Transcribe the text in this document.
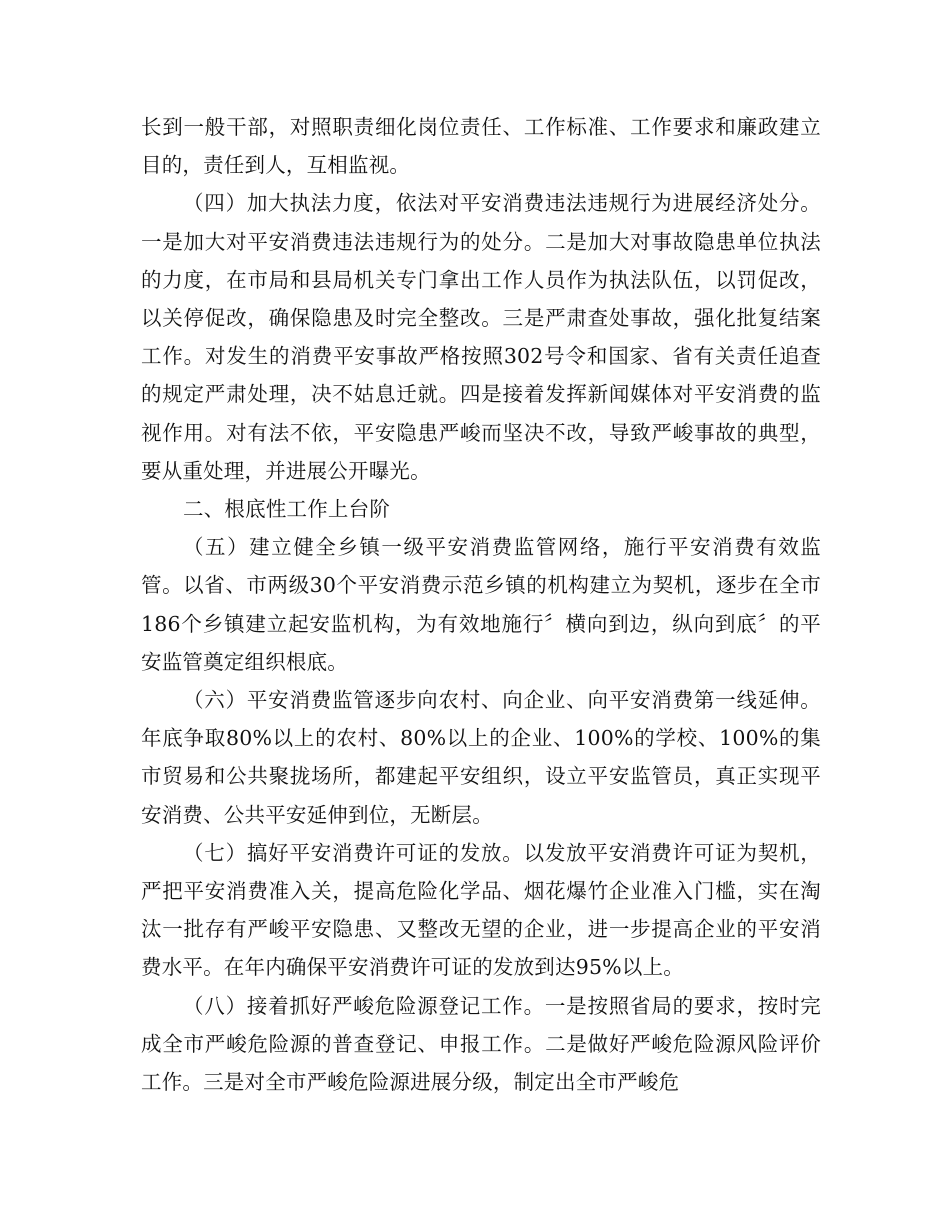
长到一般干部，对照职责细化岗位责任、工作标准、工作要求和廉政建立目的，责任到人，互相监视。

（四）加大执法力度，依法对平安消费违法违规行为进展经济处分。一是加大对平安消费违法违规行为的处分。二是加大对事故隐患单位执法的力度，在市局和县局机关专门拿出工作人员作为执法队伍，以罚促改，以关停促改，确保隐患及时完全整改。三是严肃查处事故，强化批复结案工作。对发生的消费平安事故严格按照302号令和国家、省有关责任追查的规定严肃处理，决不姑息迁就。四是接着发挥新闻媒体对平安消费的监视作用。对有法不依，平安隐患严峻而坚决不改，导致严峻事故的典型，要从重处理，并进展公开曝光。

二、根底性工作上台阶

（五）建立健全乡镇一级平安消费监管网络，施行平安消费有效监管。以省、市两级30个平安消费示范乡镇的机构建立为契机，逐步在全市186个乡镇建立起安监机构，为有效地施行〞横向到边，纵向到底〞的平安监管奠定组织根底。

（六）平安消费监管逐步向农村、向企业、向平安消费第一线延伸。年底争取80%以上的农村、80%以上的企业、100%的学校、100%的集市贸易和公共聚拢场所，都建起平安组织，设立平安监管员，真正实现平安消费、公共平安延伸到位，无断层。

（七）搞好平安消费许可证的发放。以发放平安消费许可证为契机，严把平安消费准入关，提高危险化学品、烟花爆竹企业准入门槛，实在淘汰一批存有严峻平安隐患、又整改无望的企业，进一步提高企业的平安消费水平。在年内确保平安消费许可证的发放到达95%以上。

（八）接着抓好严峻危险源登记工作。一是按照省局的要求，按时完成全市严峻危险源的普查登记、申报工作。二是做好严峻危险源风险评价工作。三是对全市严峻危险源进展分级，制定出全市严峻危
